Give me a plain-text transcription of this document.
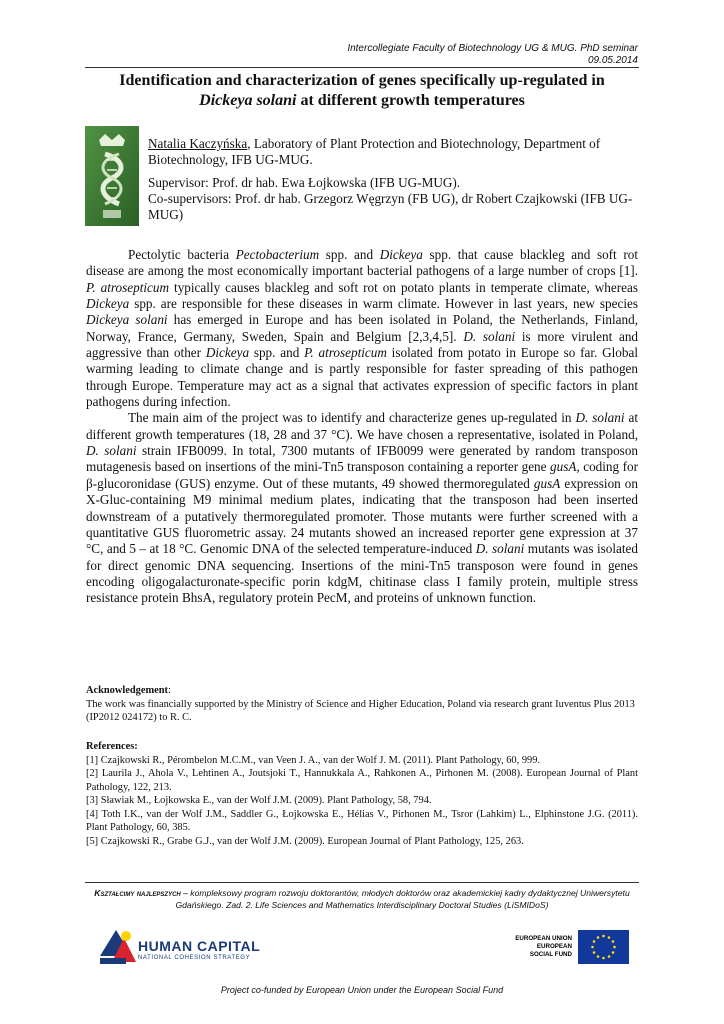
Intercollegiate Faculty of Biotechnology UG & MUG. PhD seminar
09.05.2014
Identification and characterization of genes specifically up-regulated in
Dickeya solani at different growth temperatures

Natalia Kaczyńska, Laboratory of Plant Protection and Biotechnology, Department of Biotechnology, IFB UG-MUG.

Supervisor: Prof. dr hab. Ewa Łojkowska (IFB UG-MUG).

Co-supervisors: Prof. dr hab. Grzegorz Węgrzyn (FB UG), dr Robert Czajkowski (IFB UG-MUG)

Pectolytic bacteria Pectobacterium spp. and Dickeya spp. that cause blackleg and soft rot disease are among the most economically important bacterial pathogens of a large number of crops [1]. P. atrosepticum typically causes blackleg and soft rot on potato plants in temperate climate, whereas Dickeya spp. are responsible for these diseases in warm climate. However in last years, new species Dickeya solani has emerged in Europe and has been isolated in Poland, the Netherlands, Finland, Norway, France, Germany, Sweden, Spain and Belgium [2,3,4,5]. D. solani is more virulent and aggressive than other Dickeya spp. and P. atrosepticum isolated from potato in Europe so far. Global warming leading to climate change and is partly responsible for faster spreading of this pathogen through Europe. Temperature may act as a signal that activates expression of specific factors in plant pathogens during infection.

The main aim of the project was to identify and characterize genes up-regulated in D. solani at different growth temperatures (18, 28 and 37 °C). We have chosen a representative, isolated in Poland, D. solani strain IFB0099. In total, 7300 mutants of IFB0099 were generated by random transposon mutagenesis based on insertions of the mini-Tn5 transposon containing a reporter gene gusA, coding for β-glucoronidase (GUS) enzyme. Out of these mutants, 49 showed thermoregulated gusA expression on X-Gluc-containing M9 minimal medium plates, indicating that the transposon had been inserted downstream of a putatively thermoregulated promoter. Those mutants were further screened with a quantitative GUS fluorometric assay. 24 mutants showed an increased reporter gene expression at 37 °C, and 5 – at 18 °C. Genomic DNA of the selected temperature-induced D. solani mutants was isolated for direct genomic DNA sequencing. Insertions of the mini-Tn5 transposon were found in genes encoding oligogalacturonate-specific porin kdgM, chitinase class I family protein, multiple stress resistance protein BhsA, regulatory protein PecM, and proteins of unknown function.

Acknowledgement:

The work was financially supported by the Ministry of Science and Higher Education, Poland via research grant Iuventus Plus 2013 (IP2012 024172) to R. C.

References:

[1] Czajkowski R., Pérombelon M.C.M., van Veen J. A., van der Wolf J. M. (2011). Plant Pathology, 60, 999.

[2] Laurila J., Ahola V., Lehtinen A., Joutsjoki T., Hannukkala A., Rahkonen A., Pirhonen M. (2008). European Journal of Plant Pathology, 122, 213.

[3] Sławiak M., Łojkowska E., van der Wolf J.M. (2009). Plant Pathology, 58, 794.

[4] Toth I.K., van der Wolf J.M., Saddler G., Łojkowska E., Hélias V., Pirhonen M., Tsror (Lahkim) L., Elphinstone J.G. (2011). Plant Pathology, 60, 385.

[5] Czajkowski R., Grabe G.J., van der Wolf J.M. (2009). European Journal of Plant Pathology, 125, 263.

Kształcimy najlepszych – kompleksowy program rozwoju doktorantów, młodych doktorów oraz akademickiej kadry dydaktycznej Uniwersytetu Gdańskiego. Zad. 2. Life Sciences and Mathematics Interdisciplinary Doctoral Studies (LiSMIDoS)
HUMAN CAPITAL
NATIONAL COHESION STRATEGY
EUROPEAN UNION
EUROPEAN
SOCIAL FUND
Project co-funded by European Union under the European Social Fund
